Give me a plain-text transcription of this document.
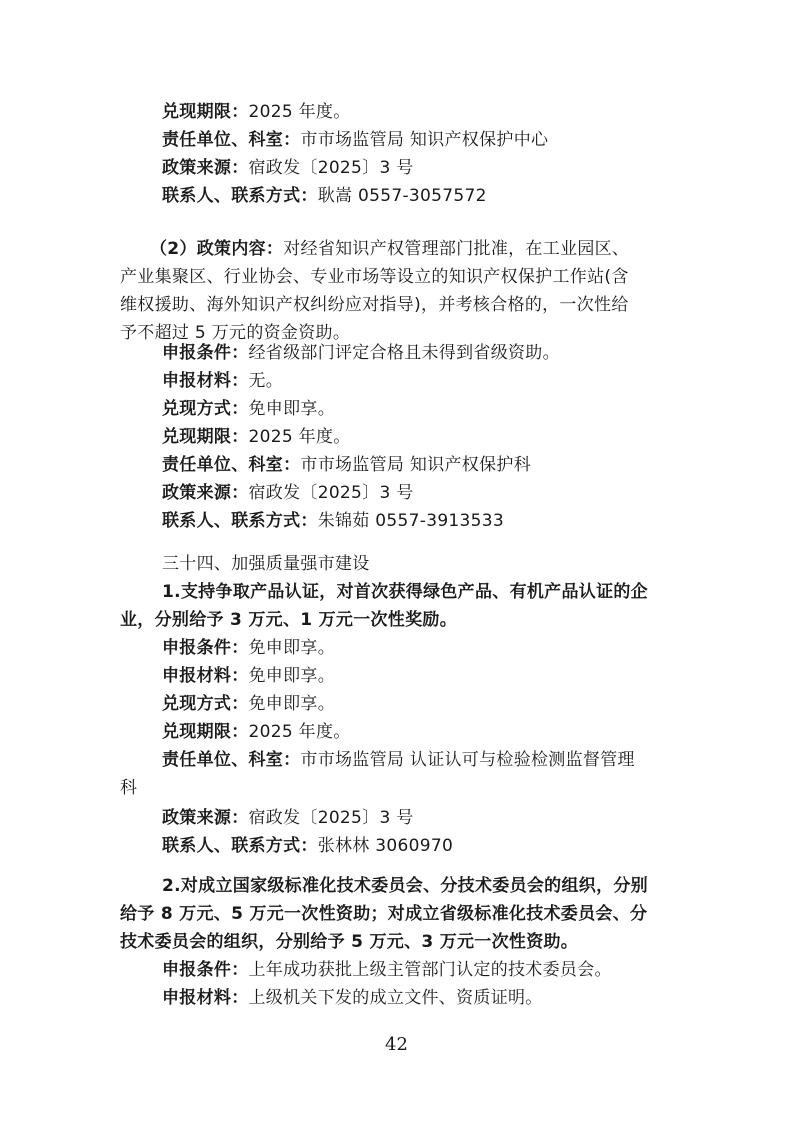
兑现期限：2025 年度。
责任单位、科室：市市场监管局 知识产权保护中心
政策来源：宿政发〔2025〕3 号
联系人、联系方式：耿嵩 0557-3057572
（2）政策内容：对经省知识产权管理部门批准，在工业园区、
产业集聚区、行业协会、专业市场等设立的知识产权保护工作站(含
维权援助、海外知识产权纠纷应对指导)，并考核合格的，一次性给
予不超过 5 万元的资金资助。
申报条件：经省级部门评定合格且未得到省级资助。
申报材料：无。
兑现方式：免申即享。
兑现期限：2025 年度。
责任单位、科室：市市场监管局 知识产权保护科
政策来源：宿政发〔2025〕3 号
联系人、联系方式：朱锦茹 0557-3913533
三十四、加强质量强市建设
1.支持争取产品认证，对首次获得绿色产品、有机产品认证的企
业，分别给予 3 万元、1 万元一次性奖励。
申报条件：免申即享。
申报材料：免申即享。
兑现方式：免申即享。
兑现期限：2025 年度。
责任单位、科室：市市场监管局 认证认可与检验检测监督管理
科
政策来源：宿政发〔2025〕3 号
联系人、联系方式：张林林 3060970
2.对成立国家级标准化技术委员会、分技术委员会的组织，分别
给予 8 万元、5 万元一次性资助；对成立省级标准化技术委员会、分
技术委员会的组织，分别给予 5 万元、3 万元一次性资助。
申报条件：上年成功获批上级主管部门认定的技术委员会。
申报材料：上级机关下发的成立文件、资质证明。
42
